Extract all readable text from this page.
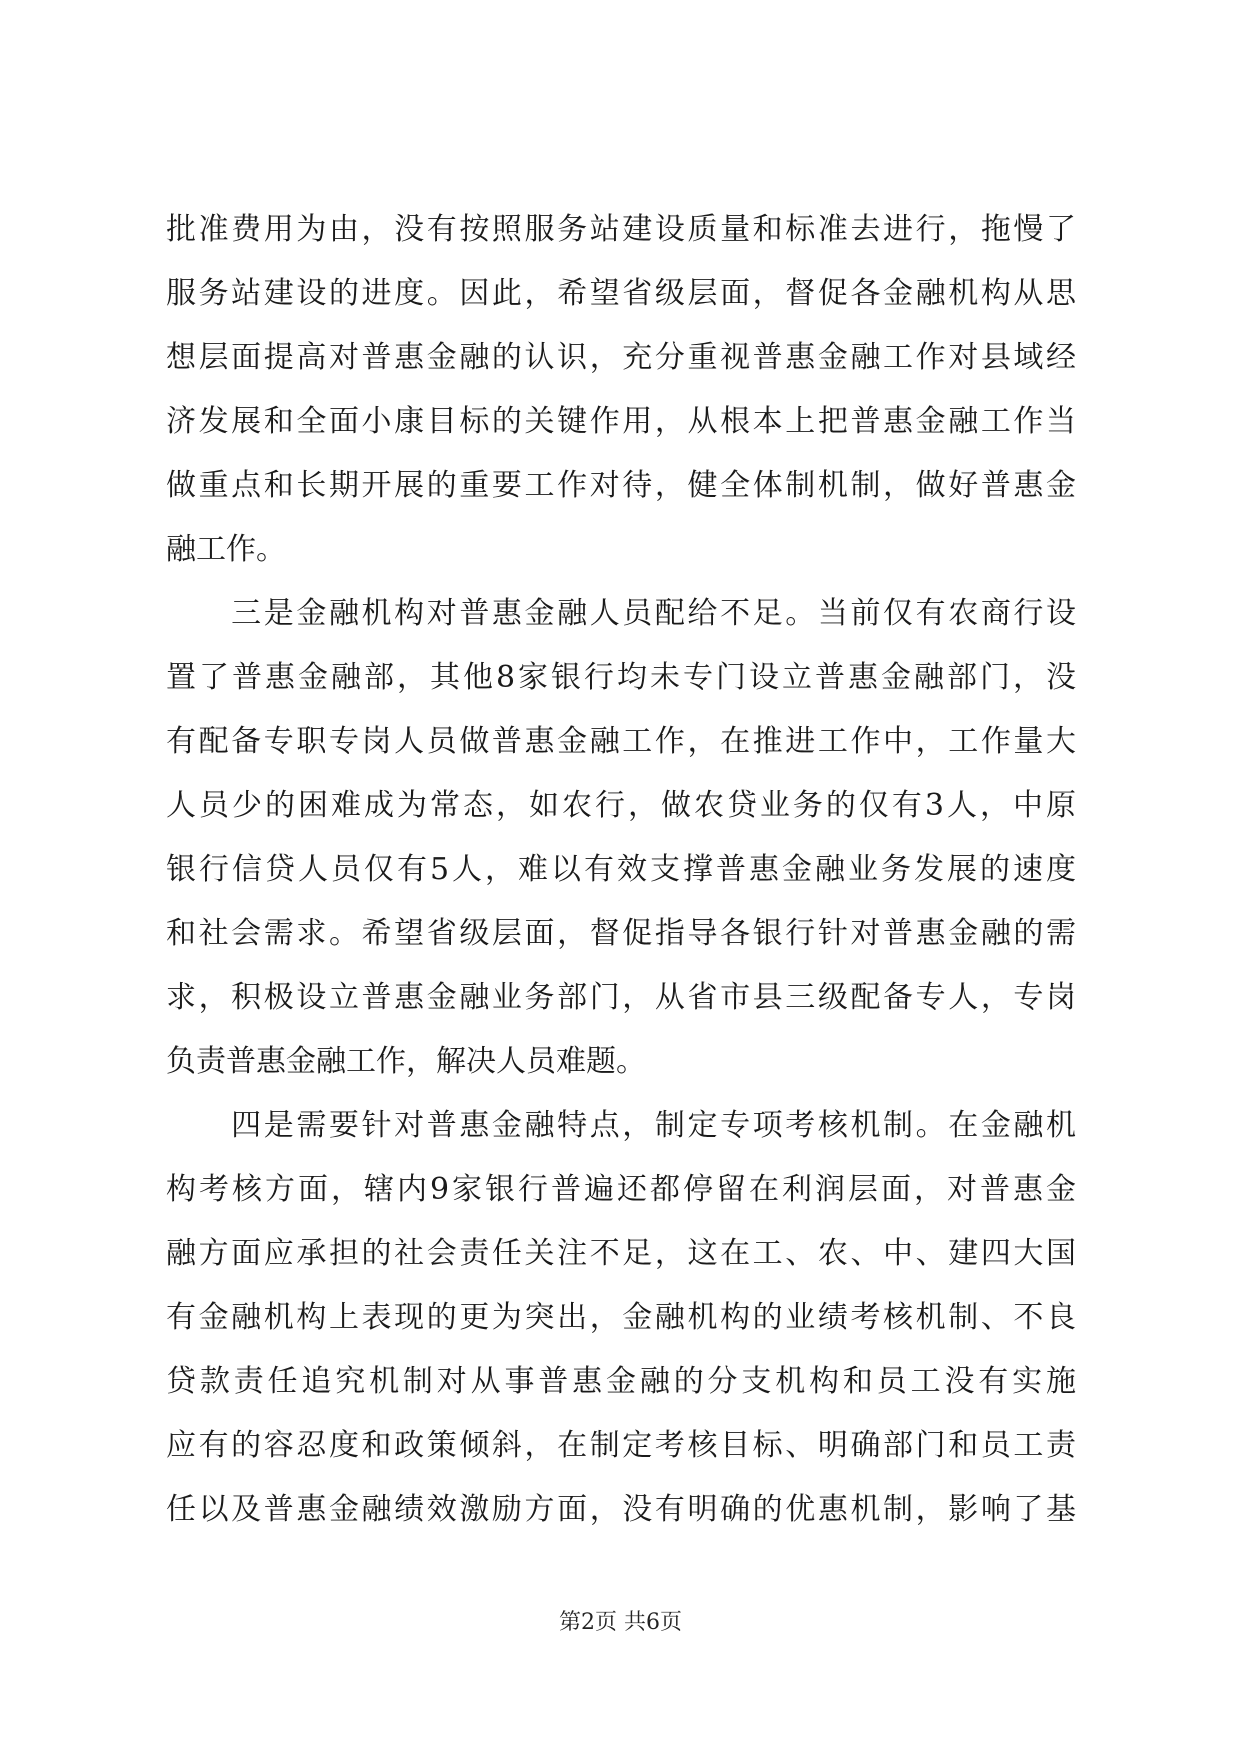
批准费用为由，没有按照服务站建设质量和标准去进行，拖慢了
服务站建设的进度。因此，希望省级层面，督促各金融机构从思
想层面提高对普惠金融的认识，充分重视普惠金融工作对县域经
济发展和全面小康目标的关键作用，从根本上把普惠金融工作当
做重点和长期开展的重要工作对待，健全体制机制，做好普惠金
融工作。
　　三是金融机构对普惠金融人员配给不足。当前仅有农商行设
置了普惠金融部，其他8家银行均未专门设立普惠金融部门，没
有配备专职专岗人员做普惠金融工作，在推进工作中，工作量大
人员少的困难成为常态，如农行，做农贷业务的仅有3人，中原
银行信贷人员仅有5人，难以有效支撑普惠金融业务发展的速度
和社会需求。希望省级层面，督促指导各银行针对普惠金融的需
求，积极设立普惠金融业务部门，从省市县三级配备专人，专岗
负责普惠金融工作，解决人员难题。
　　四是需要针对普惠金融特点，制定专项考核机制。在金融机
构考核方面，辖内9家银行普遍还都停留在利润层面，对普惠金
融方面应承担的社会责任关注不足，这在工、农、中、建四大国
有金融机构上表现的更为突出，金融机构的业绩考核机制、不良
贷款责任追究机制对从事普惠金融的分支机构和员工没有实施
应有的容忍度和政策倾斜，在制定考核目标、明确部门和员工责
任以及普惠金融绩效激励方面，没有明确的优惠机制，影响了基
第2页 共6页
